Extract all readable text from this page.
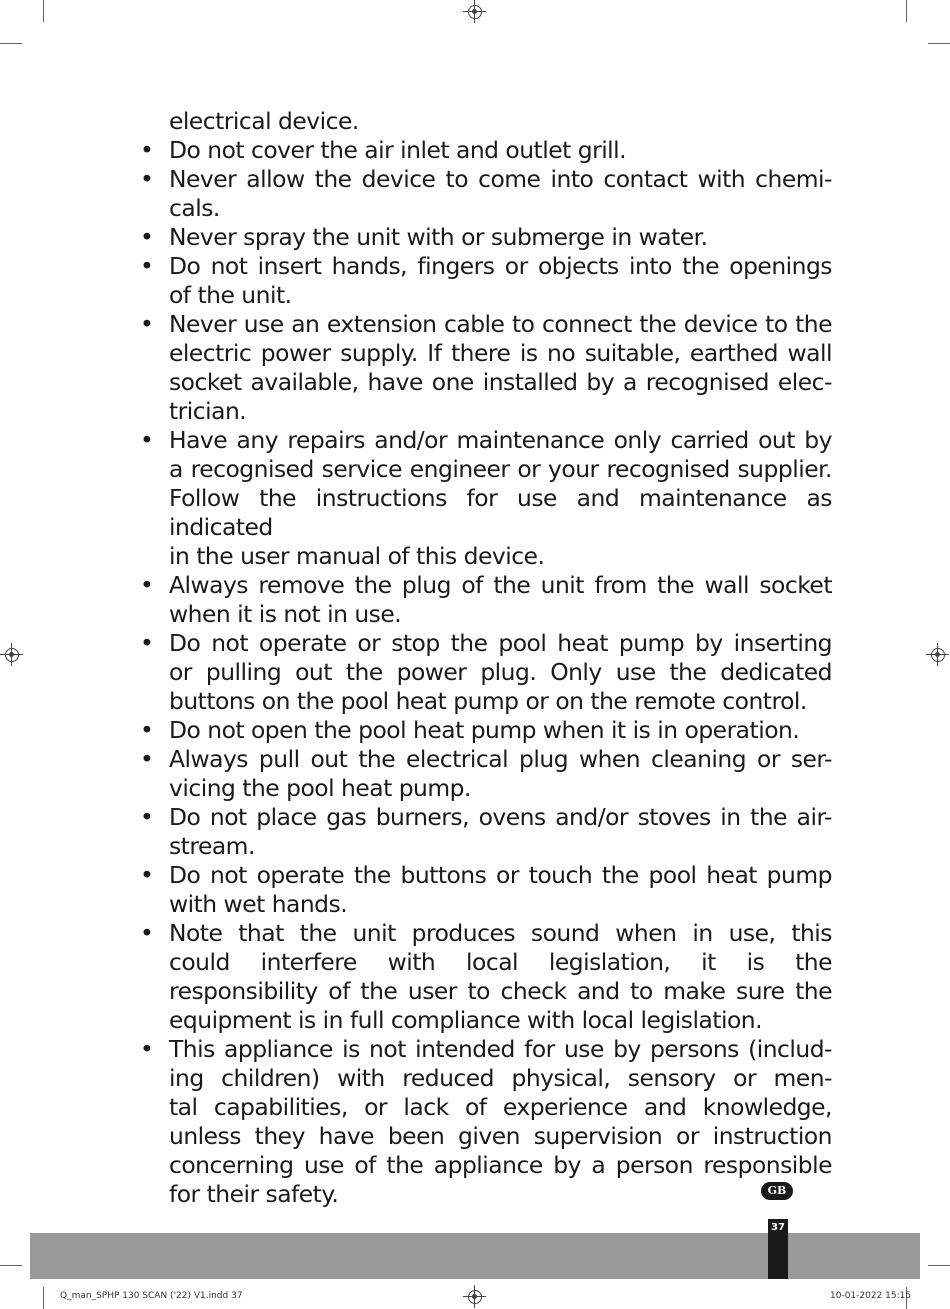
electrical device.
• Do not cover the air inlet and outlet grill.
• Never allow the device to come into contact with chemi-
cals.
• Never spray the unit with or submerge in water.
• Do not insert hands, fingers or objects into the openings
of the unit.
• Never use an extension cable to connect the device to the
electric power supply. If there is no suitable, earthed wall
socket available, have one installed by a recognised elec-
trician.
• Have any repairs and/or maintenance only carried out by
a recognised service engineer or your recognised supplier.
Follow the instructions for use and maintenance as indicated
in the user manual of this device.
• Always remove the plug of the unit from the wall socket
when it is not in use.
• Do not operate or stop the pool heat pump by inserting
or pulling out the power plug. Only use the dedicated
buttons on the pool heat pump or on the remote control.
• Do not open the pool heat pump when it is in operation.
• Always pull out the electrical plug when cleaning or ser-
vicing the pool heat pump.
• Do not place gas burners, ovens and/or stoves in the air-
stream.
• Do not operate the buttons or touch the pool heat pump
with wet hands.
• Note that the unit produces sound when in use, this
could interfere with local legislation, it is the
responsibility of the user to check and to make sure the
equipment is in full compliance with local legislation.
• This appliance is not intended for use by persons (includ-
ing children) with reduced physical, sensory or men-
tal capabilities, or lack of experience and knowledge,
unless they have been given supervision or instruction
concerning use of the appliance by a person responsible
for their safety.	GB
37
Q_man_SPHP 130 SCAN ('22) V1.indd 37	10-01-2022 15:15
